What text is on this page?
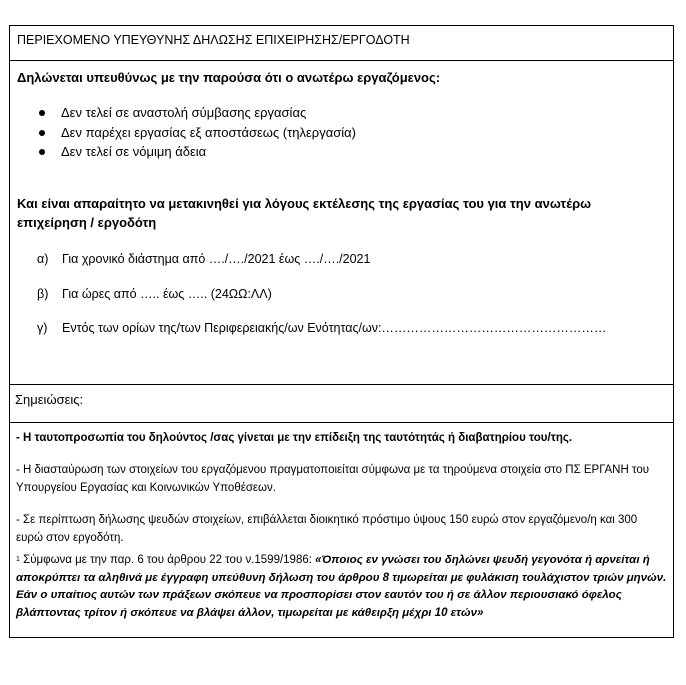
ΠΕΡΙΕΧΟΜΕΝΟ ΥΠΕΥΘΥΝΗΣ ΔΗΛΩΣΗΣ ΕΠΙΧΕΙΡΗΣΗΣ/ΕΡΓΟΔΟΤΗ
Δηλώνεται υπευθύνως με την παρούσα ότι ο ανωτέρω εργαζόμενος:
Δεν τελεί σε αναστολή σύμβασης εργασίας
Δεν παρέχει εργασίας εξ αποστάσεως (τηλεργασία)
Δεν τελεί σε νόμιμη άδεια
Και είναι απαραίτητο να μετακινηθεί για λόγους εκτέλεσης της εργασίας του για την ανωτέρω επιχείρηση / εργοδότη
α) Για χρονικό διάστημα από …./…./2021 έως …./…./2021
β) Για ώρες από ….. έως ….. (24ΩΩ:ΛΛ)
γ) Εντός των ορίων της/των Περιφερειακής/ων Ενότητας/ων:………………………………………………
Σημειώσεις:
- Η ταυτοπροσωπία του δηλούντος /σας γίνεται με την επίδειξη της ταυτότητάς ή διαβατηρίου του/της.
- Η διασταύρωση των στοιχείων του εργαζόμενου πραγματοποιείται σύμφωνα με τα τηρούμενα στοιχεία στο ΠΣ ΕΡΓΑΝΗ του Υπουργείου Εργασίας και Κοινωνικών Υποθέσεων.
- Σε περίπτωση δήλωσης ψευδών στοιχείων, επιβάλλεται διοικητικό πρόστιμο ύψους 150 ευρώ στον εργαζόμενο/η και 300 ευρώ στον εργοδότη.
$^1$ Σύμφωνα με την παρ. 6 του άρθρου 22 του ν.1599/1986: «Όποιος εν γνώσει του δηλώνει ψευδή γεγονότα ή αρνείται ή αποκρύπτει τα αληθινά με έγγραφη υπεύθυνη δήλωση του άρθρου 8 τιμωρείται με φυλάκιση τουλάχιστον τριών μηνών. Εάν ο υπαίτιος αυτών των πράξεων σκόπευε να προσπορίσει στον εαυτόν του ή σε άλλον περιουσιακό όφελος βλάπτοντας τρίτον ή σκόπευε να βλάψει άλλον, τιμωρείται με κάθειρξη μέχρι 10 ετών»
